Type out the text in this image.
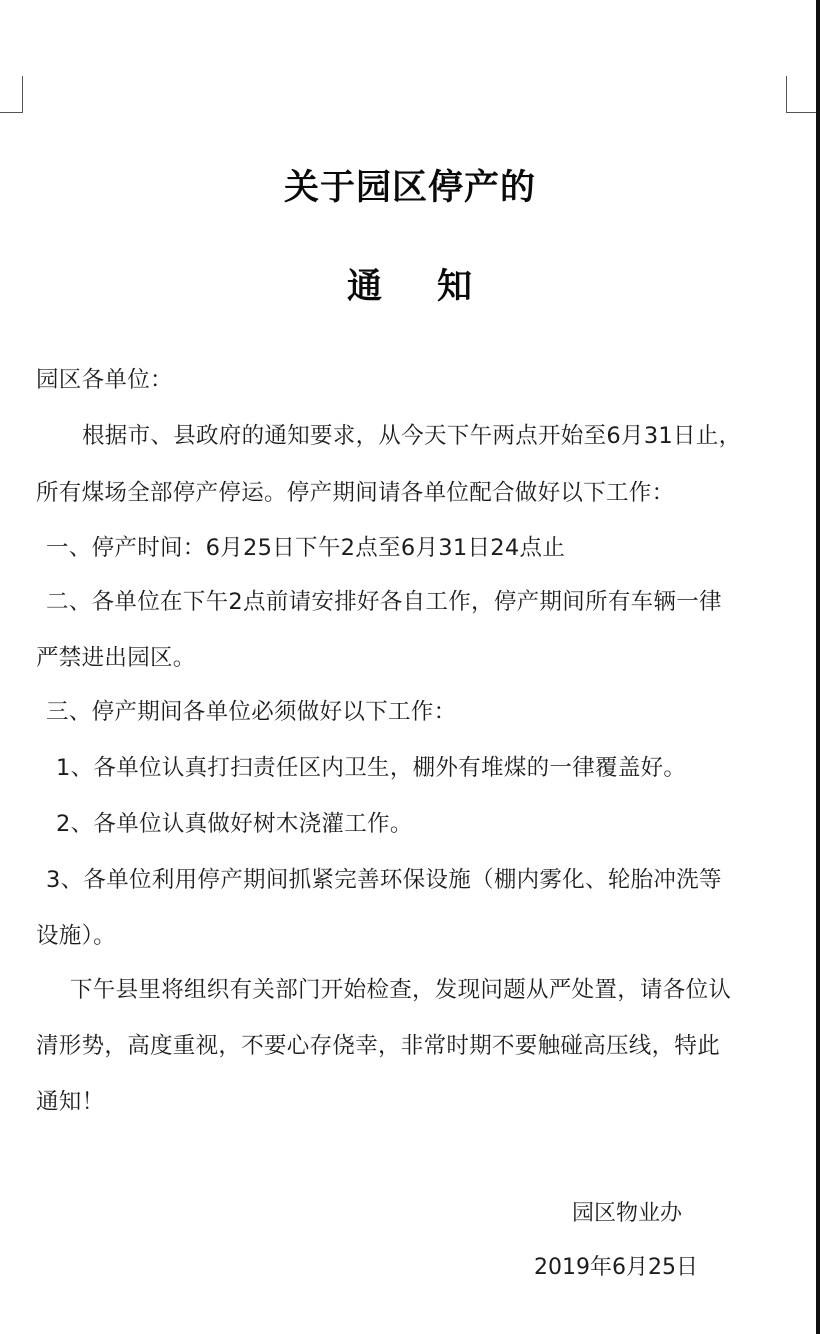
关于园区停产的
通 知
园区各单位：
根据市、县政府的通知要求，从今天下午两点开始至6月31日止，
所有煤场全部停产停运。停产期间请各单位配合做好以下工作：
一、停产时间：6月25日下午2点至6月31日24点止
二、各单位在下午2点前请安排好各自工作，停产期间所有车辆一律
严禁进出园区。
三、停产期间各单位必须做好以下工作：
1、各单位认真打扫责任区内卫生，棚外有堆煤的一律覆盖好。
2、各单位认真做好树木浇灌工作。
3、各单位利用停产期间抓紧完善环保设施（棚内雾化、轮胎冲洗等
设施）。
下午县里将组织有关部门开始检查，发现问题从严处置，请各位认
清形势，高度重视，不要心存侥幸，非常时期不要触碰高压线，特此
通知！
园区物业办
2019年6月25日
